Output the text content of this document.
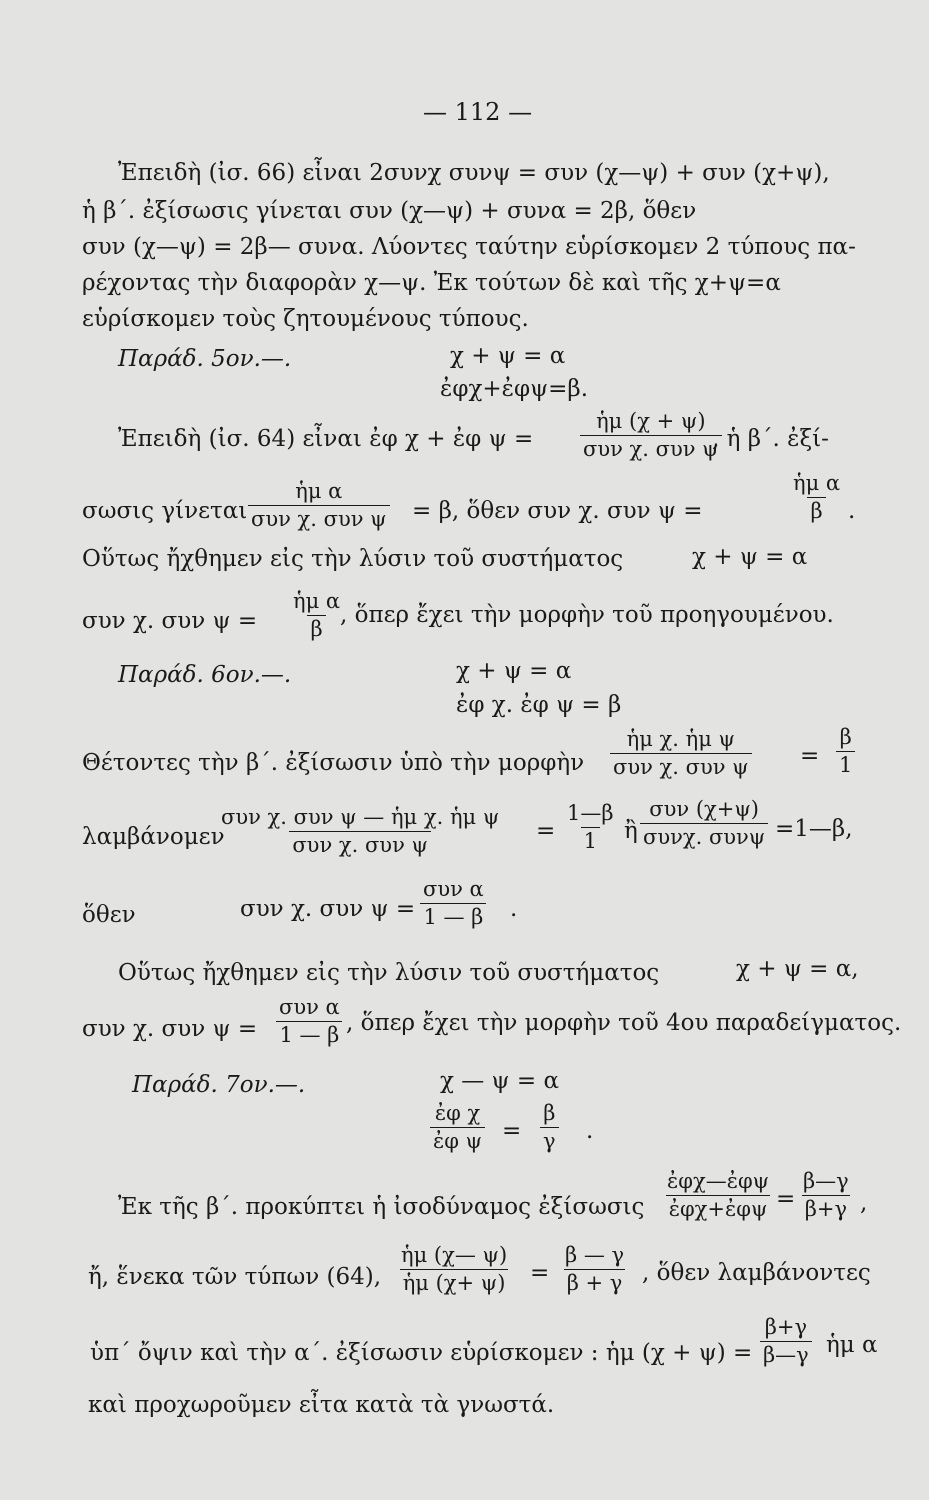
— 112 —
Ἐπειδὴ (ἰσ. 66) εἶναι 2συνχ συνψ = συν (χ—ψ) + συν (χ+ψ),
ἡ β΄. ἐξίσωσις γίνεται συν (χ—ψ) + συνα = 2β, ὅθεν
συν (χ—ψ) = 2β— συνα. Λύοντες ταύτην εὑρίσκομεν 2 τύπους πα-
ρέχοντας τὴν διαφορὰν χ—ψ. Ἐκ τούτων δὲ καὶ τῆς χ+ψ=α
εὑρίσκομεν τοὺς ζητουμένους τύπους.
Παράδ. 5ον.—.	χ + ψ = α
ἐφχ+ἐφψ=β.
Ἐπειδὴ (ἰσ. 64) εἶναι ἐφ χ + ἐφ ψ =
ἡμ (χ + ψ)
συν χ. συν ψ
, ἡ β΄. ἐξί-
σωσις γίνεται
ἡμ α
συν χ. συν ψ = β, ὅθεν συν χ. συν ψ =	$\frac{\text{ἡμ α}}{\beta}$ .
Οὕτως ἤχθημεν εἰς τὴν λύσιν τοῦ συστήματος	χ + ψ = α
συν χ. συν $\psi = \frac{\text{ἡμ α}}{\beta}$
, ὅπερ ἔχει τὴν μορφὴν τοῦ προηγουμένου.
Παράδ. 6ον.—.	χ + ψ = α
ἐφ χ. ἐφ ψ = β
Θέτοντες τὴν β΄. ἐξίσωσιν ὑπὸ τὴν μορφὴν
ἡμ χ. ἡμ ψ
συν χ. συν $\psi = \frac{\beta}{1}$
λαμβάνομεν
συν χ. συν ψ — ἡμ χ. ἡμ ψ
συν χ. συν ψ
= $\frac{1—\beta}{1}$ ἢ
συν (χ+ψ)
συνχ. συνψ =1—β,
ὅθεν	συν χ. συν ψ =
συν α
1 — β .
Οὕτως ἤχθημεν εἰς τὴν λύσιν τοῦ συστήματος	χ + ψ = α,
συν χ. συν ψ =
συν α
1 — β , ὅπερ ἔχει τὴν μορφὴν τοῦ 4ου παραδείγματος.
Παράδ. 7ον.—.	χ — ψ = α
$\frac{\text{ἐφ χ}}{\text{ἐφ ψ}} = \frac{\beta}{\gamma}$ .
Ἐκ τῆς β΄. προκύπτει ἡ ἰσοδύναμος ἐξίσωσις
ἐφχ—ἐφψ
ἐφχ+ἐφψ = $\frac{\beta—\gamma}{\beta+\gamma}$ ,
ἤ, ἕνεκα τῶν τύπων (64), $\frac{\text{ἡμ (χ— ψ)}}{\text{ἡμ (χ+ ψ)}} = \frac{\beta — \gamma}{\beta + \gamma}$ , ὅθεν λαμβάνοντες
ὑπ΄ ὄψιν καὶ τὴν α΄. ἐξίσωσιν εὑρίσκομεν : ἡμ $(\chi + \psi) = \frac{\beta+\gamma}{\beta—\gamma}$ ἡμ α
καὶ προχωροῦμεν εἶτα κατὰ τὰ γνωστά.
